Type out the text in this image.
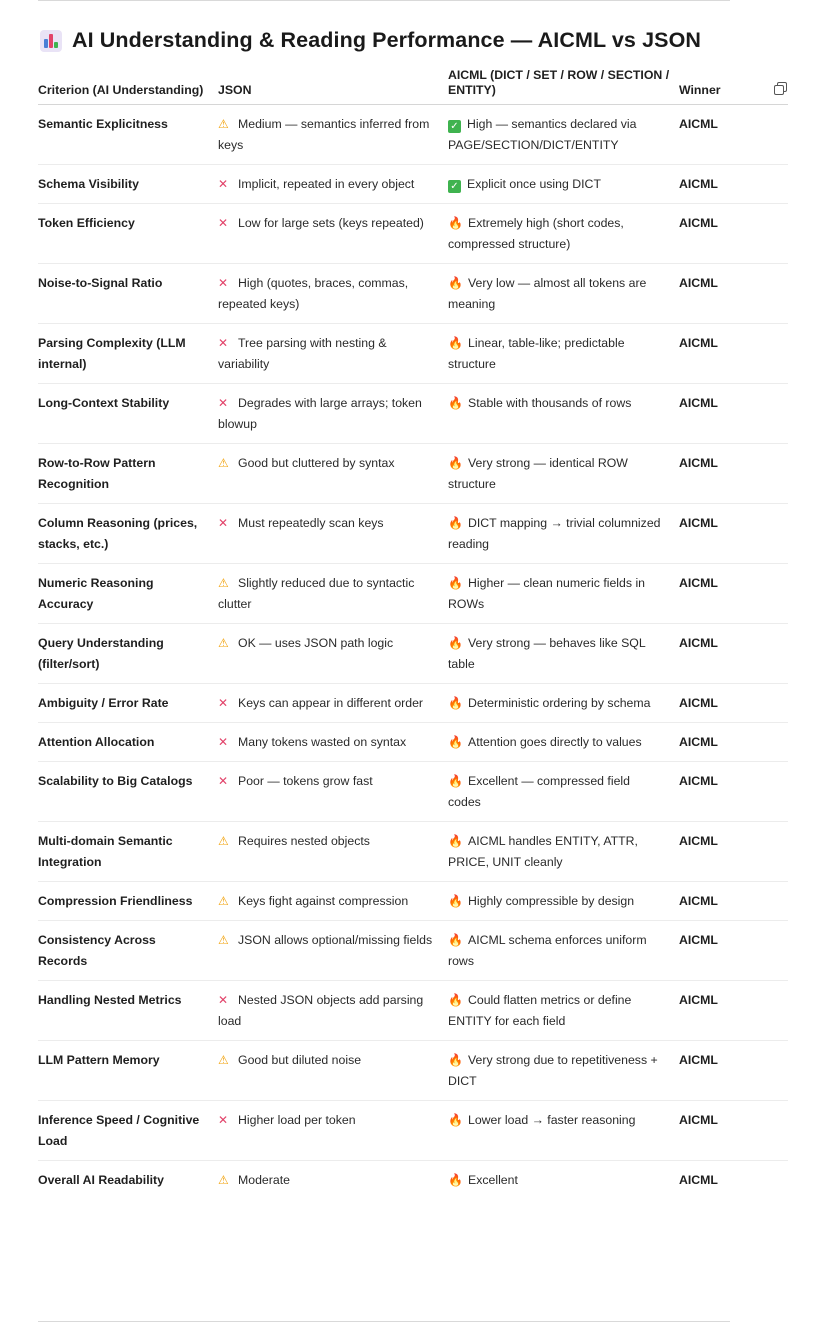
AI Understanding & Reading Performance — AICML vs JSON
Criterion (AI Understanding)	JSON	AICML (DICT / SET / ROW / SECTION / ENTITY)	Winner

Semantic Explicitness	⚠ Medium — semantics inferred from keys	✓ High — semantics declared via PAGE/SECTION/DICT/ENTITY	AICML
Schema Visibility	✕ Implicit, repeated in every object	✓ Explicit once using DICT	AICML
Token Efficiency	✕ Low for large sets (keys repeated)	🔥 Extremely high (short codes, compressed structure)	AICML
Noise-to-Signal Ratio	✕ High (quotes, braces, commas, repeated keys)	🔥 Very low — almost all tokens are meaning	AICML
Parsing Complexity (LLM internal)	✕ Tree parsing with nesting & variability	🔥 Linear, table-like; predictable structure	AICML
Long-Context Stability	✕ Degrades with large arrays; token blowup	🔥 Stable with thousands of rows	AICML
Row-to-Row Pattern Recognition	⚠ Good but cluttered by syntax	🔥 Very strong — identical ROW structure	AICML
Column Reasoning (prices, stacks, etc.)	✕ Must repeatedly scan keys	🔥 DICT mapping → trivial columnized reading	AICML
Numeric Reasoning Accuracy	⚠ Slightly reduced due to syntactic clutter	🔥 Higher — clean numeric fields in ROWs	AICML
Query Understanding (filter/sort)	⚠ OK — uses JSON path logic	🔥 Very strong — behaves like SQL table	AICML
Ambiguity / Error Rate	✕ Keys can appear in different order	🔥 Deterministic ordering by schema	AICML
Attention Allocation	✕ Many tokens wasted on syntax	🔥 Attention goes directly to values	AICML
Scalability to Big Catalogs	✕ Poor — tokens grow fast	🔥 Excellent — compressed field codes	AICML
Multi-domain Semantic Integration	⚠ Requires nested objects	🔥 AICML handles ENTITY, ATTR, PRICE, UNIT cleanly	AICML
Compression Friendliness	⚠ Keys fight against compression	🔥 Highly compressible by design	AICML
Consistency Across Records	⚠ JSON allows optional/missing fields	🔥 AICML schema enforces uniform rows	AICML
Handling Nested Metrics	✕ Nested JSON objects add parsing load	🔥 Could flatten metrics or define ENTITY for each field	AICML
LLM Pattern Memory	⚠ Good but diluted noise	🔥 Very strong due to repetitiveness + DICT	AICML
Inference Speed / Cognitive Load	✕ Higher load per token	🔥 Lower load → faster reasoning	AICML
Overall AI Readability	⚠ Moderate	🔥 Excellent	AICML
